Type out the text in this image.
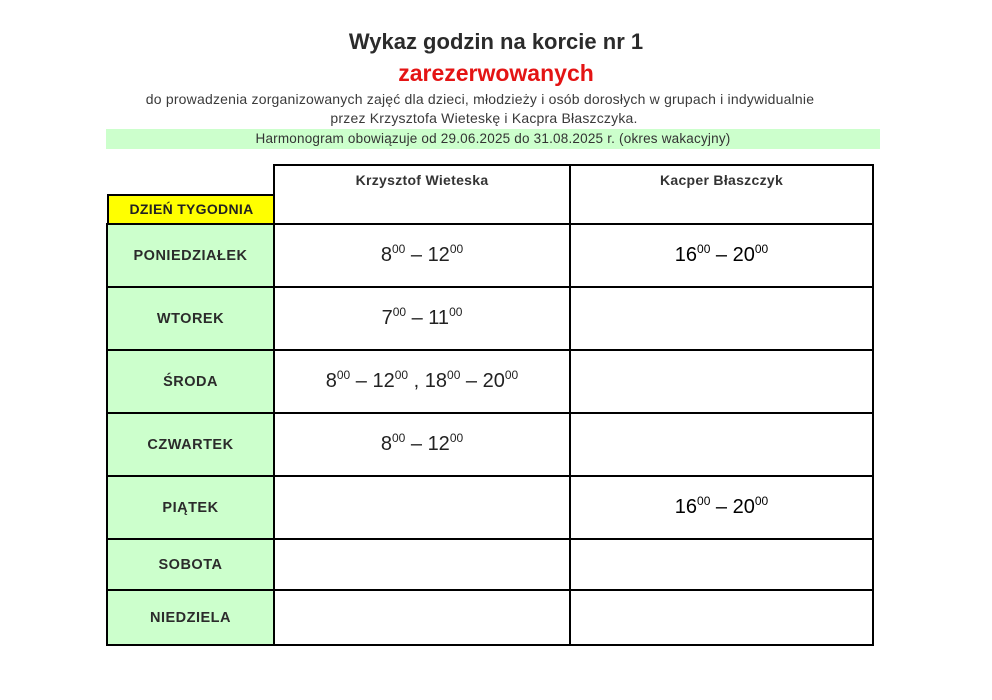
Wykaz godzin na korcie nr 1
zarezerwowanych
do prowadzenia zorganizowanych zajęć dla dzieci, młodzieży i osób dorosłych w grupach i indywidualnie
przez Krzysztofa Wieteskę i Kacpra Błaszczyka.
Harmonogram obowiązuje od 29.06.2025 do 31.08.2025 r. (okres wakacyjny)
DZIEŃ TYGODNIA	Krzysztof Wieteska	Kacper Błaszczyk
PONIEDZIAŁEK	$8^{00} - 12^{00}$	$16^{00} - 20^{00}$
WTOREK	$7^{00} - 11^{00}$	
ŚRODA	$8^{00} - 12^{00}$ , $18^{00} - 20^{00}$	
CZWARTEK	$8^{00} - 12^{00}$	
PIĄTEK		$16^{00} - 20^{00}$
SOBOTA		
NIEDZIELA		
